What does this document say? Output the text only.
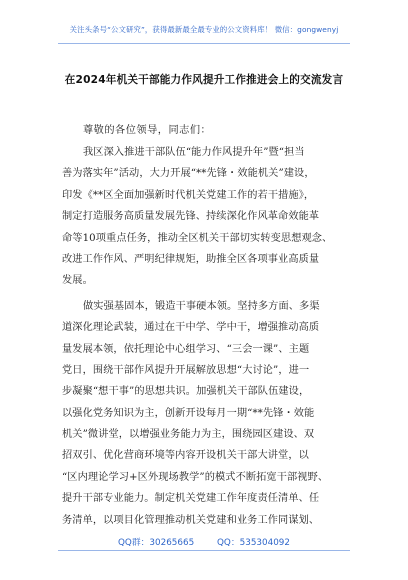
关注头条号“公文研究”，获得最新最全最专业的公文资料库！ 微信：gongwenyj
在2024年机关干部能力作风提升工作推进会上的交流发言
尊敬的各位领导，同志们：
我区深入推进干部队伍“能力作风提升年”暨“担当
善为落实年”活动，大力开展“**先锋・效能机关”建设，
印发《**区全面加强新时代机关党建工作的若干措施》，
制定打造服务高质量发展先锋、持续深化作风革命效能革
命等10项重点任务，推动全区机关干部切实转变思想观念、
改进工作作风、严明纪律规矩，助推全区各项事业高质量
发展。
做实强基固本，锻造干事硬本领。坚持多方面、多渠
道深化理论武装，通过在干中学、学中干，增强推动高质
量发展本领，依托理论中心组学习、“三会一课”、主题
党日，围绕干部作风提升开展解放思想“大讨论”，进一
步凝聚“想干事”的思想共识。加强机关干部队伍建设，
以强化党务知识为主，创新开设每月一期“**先锋・效能
机关”微讲堂，以增强业务能力为主，围绕园区建设、双
招双引、优化营商环境等内容开设机关干部大讲堂，以
“区内理论学习+区外现场教学”的模式不断拓宽干部视野、
提升干部专业能力。制定机关党建工作年度责任清单、任
务清单，以项目化管理推动机关党建和业务工作同谋划、
QQ群：30265665	QQ：535304092
